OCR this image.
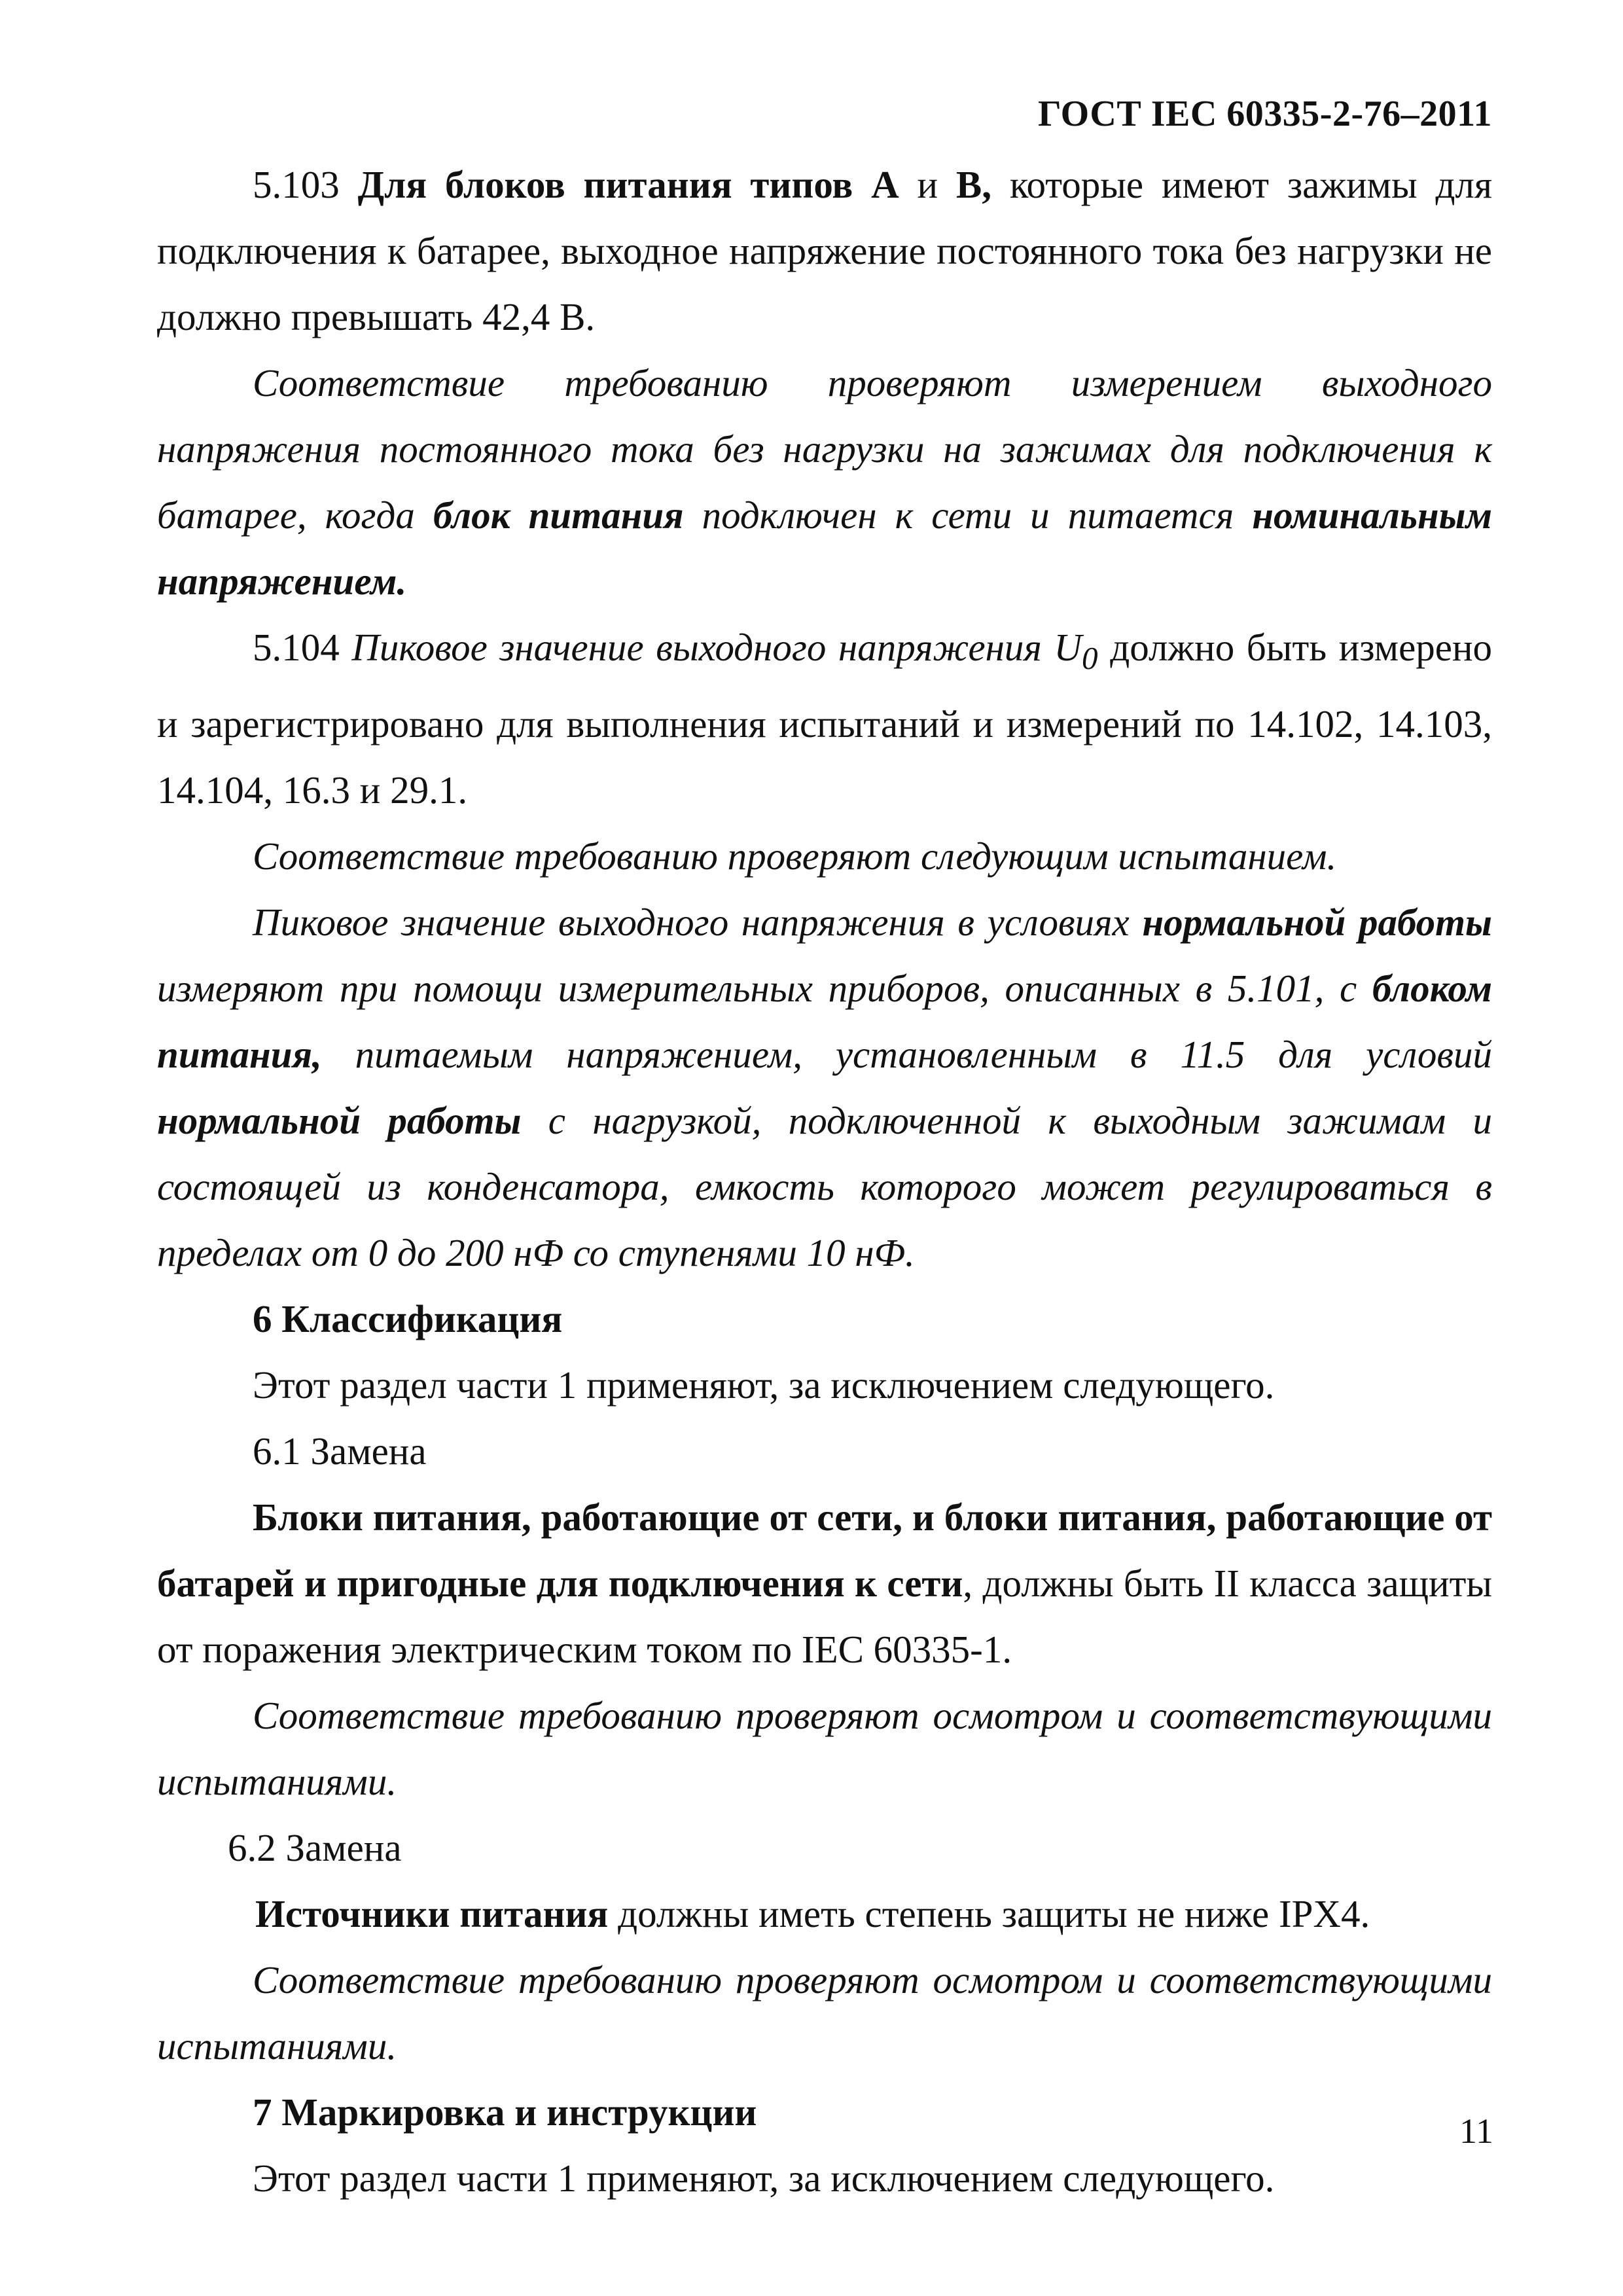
ГОСТ IEC 60335-2-76–2011

5.103 Для блоков питания типов А и В, которые имеют зажимы для подключения к батарее, выходное напряжение постоянного тока без нагрузки не должно превышать 42,4 В.

Соответствие требованию проверяют измерением выходного напряжения постоянного тока без нагрузки на зажимах для подключения к батарее, когда блок питания подключен к сети и питается номинальным напряжением.

5.104 Пиковое значение выходного напряжения $U_0$ должно быть измерено и зарегистрировано для выполнения испытаний и измерений по 14.102, 14.103, 14.104, 16.3 и 29.1.

Соответствие требованию проверяют следующим испытанием.

Пиковое значение выходного напряжения в условиях нормальной работы измеряют при помощи измерительных приборов, описанных в 5.101, с блоком питания, питаемым напряжением, установленным в 11.5 для условий нормальной работы с нагрузкой, подключенной к выходным зажимам и состоящей из конденсатора, емкость которого может регулироваться в пределах от 0 до 200 нФ со ступенями 10 нФ.

6 Классификация

Этот раздел части 1 применяют, за исключением следующего.

6.1 Замена

Блоки питания, работающие от сети, и блоки питания, работающие от батарей и пригодные для подключения к сети, должны быть II класса защиты от поражения электрическим током по IEC 60335-1.

Соответствие требованию проверяют осмотром и соответствующими испытаниями.

6.2 Замена

Источники питания должны иметь степень защиты не ниже IPX4.

Соответствие требованию проверяют осмотром и соответствующими испытаниями.

7 Маркировка и инструкции

Этот раздел части 1 применяют, за исключением следующего.

11
